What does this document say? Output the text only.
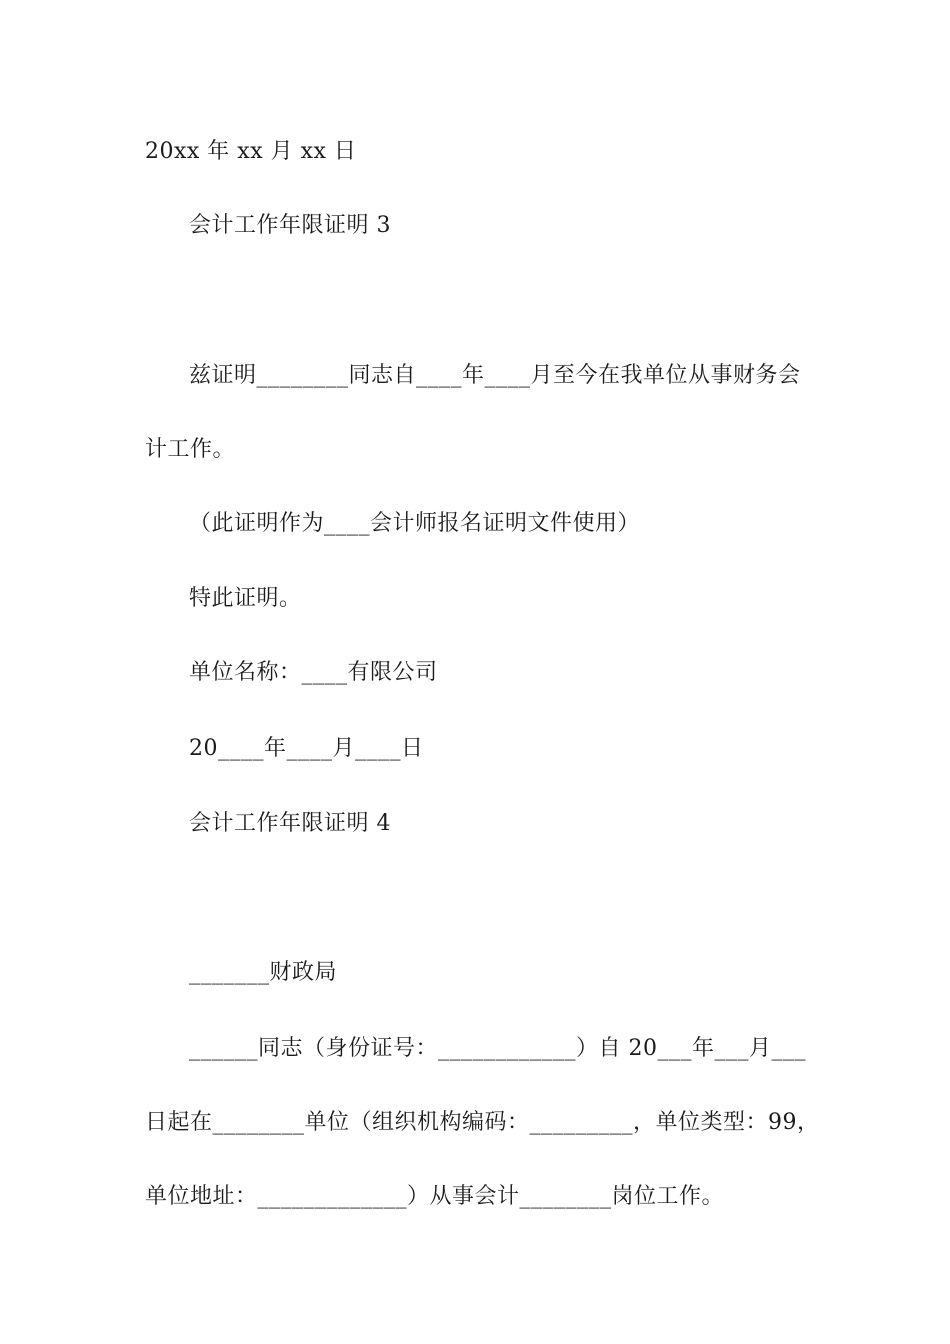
20xx 年 xx 月 xx 日
会计工作年限证明 3
兹证明________同志自____年____月至今在我单位从事财务会
计工作。
（此证明作为____会计师报名证明文件使用）
特此证明。
单位名称：____有限公司
20____年____月____日
会计工作年限证明 4
_______财政局
______同志（身份证号：____________）自 20___年___月___
日起在________单位（组织机构编码：_________，单位类型：99，
单位地址：_____________）从事会计________岗位工作。
